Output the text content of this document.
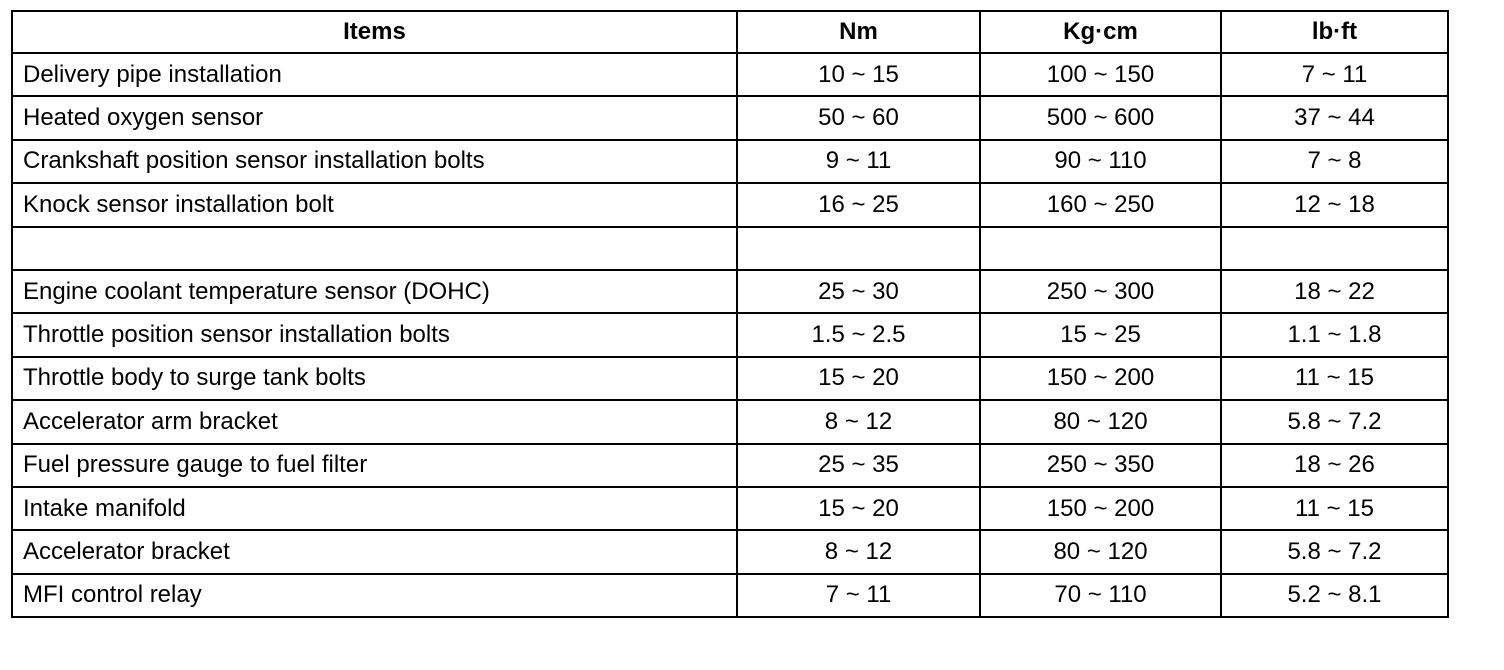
Items	Nm	Kg·cm	lb·ft
Delivery pipe installation	10 ~ 15	100 ~ 150	7 ~ 11
Heated oxygen sensor	50 ~ 60	500 ~ 600	37 ~ 44
Crankshaft position sensor installation bolts	9 ~ 11	90 ~ 110	7 ~ 8
Knock sensor installation bolt	16 ~ 25	160 ~ 250	12 ~ 18

Engine coolant temperature sensor (DOHC)	25 ~ 30	250 ~ 300	18 ~ 22
Throttle position sensor installation bolts	1.5 ~ 2.5	15 ~ 25	1.1 ~ 1.8
Throttle body to surge tank bolts	15 ~ 20	150 ~ 200	11 ~ 15
Accelerator arm bracket	8 ~ 12	80 ~ 120	5.8 ~ 7.2
Fuel pressure gauge to fuel filter	25 ~ 35	250 ~ 350	18 ~ 26
Intake manifold	15 ~ 20	150 ~ 200	11 ~ 15
Accelerator bracket	8 ~ 12	80 ~ 120	5.8 ~ 7.2
MFI control relay	7 ~ 11	70 ~ 110	5.2 ~ 8.1
